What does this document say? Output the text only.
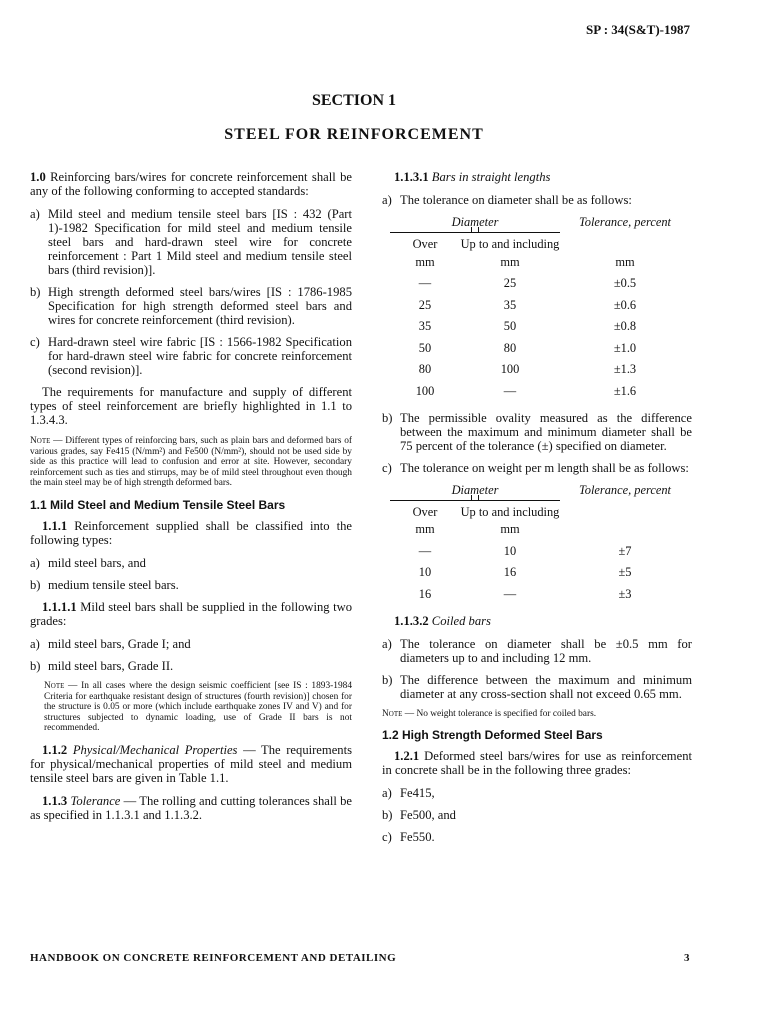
SP : 34(S&T)-1987
SECTION 1
STEEL FOR REINFORCEMENT

1.0 Reinforcing bars/wires for concrete reinforcement shall be any of the following conforming to accepted standards:

a) Mild steel and medium tensile steel bars [IS : 432 (Part 1)-1982 Specification for mild steel and medium tensile steel bars and hard-drawn steel wire for concrete reinforcement : Part 1 Mild steel and medium tensile steel bars (third revision)].
b) High strength deformed steel bars/wires [IS : 1786-1985 Specification for high strength deformed steel bars and wires for concrete reinforcement (third revision).
c) Hard-drawn steel wire fabric [IS : 1566-1982 Specification for hard-drawn steel wire fabric for concrete reinforcement (second revision)].

The requirements for manufacture and supply of different types of steel reinforcement are briefly highlighted in 1.1 to 1.3.4.3.

Note — Different types of reinforcing bars, such as plain bars and deformed bars of various grades, say Fe415 (N/mm²) and Fe500 (N/mm²), should not be used side by side as this practice will lead to confusion and error at site. However, secondary reinforcement such as ties and stirrups, may be of mild steel throughout even though the main steel may be of high strength deformed bars.
1.1 Mild Steel and Medium Tensile Steel Bars

1.1.1 Reinforcement supplied shall be classified into the following types:

a) mild steel bars, and
b) medium tensile steel bars.

1.1.1.1 Mild steel bars shall be supplied in the following two grades:

a) mild steel bars, Grade I; and
b) mild steel bars, Grade II.
Note — In all cases where the design seismic coefficient [see IS : 1893-1984 Criteria for earthquake resistant design of structures (fourth revision)] chosen for the structure is 0.05 or more (which include earthquake zones IV and V) and for structures subjected to dynamic loading, use of Grade II bars is not recommended.

1.1.2 Physical/Mechanical Properties — The requirements for physical/mechanical properties of mild steel and medium tensile steel bars are given in Table 1.1.

1.1.3 Tolerance — The rolling and cutting tolerances shall be as specified in 1.1.3.1 and 1.1.3.2.

1.1.3.1 Bars in straight lengths

a) The tolerance on diameter shall be as follows:
Diameter		Tolerance, percent

Over	Up to and including	
mm	mm	mm
—	25	±0.5
25	35	±0.6
35	50	±0.8
50	80	±1.0
80	100	±1.3
100	—	±1.6
b) The permissible ovality measured as the difference between the maximum and minimum diameter shall be 75 percent of the tolerance (±) specified on diameter.
c) The tolerance on weight per m length shall be as follows:
Diameter		Tolerance, percent

Over	Up to and including	
mm	mm	
—	10	±7
10	16	±5
16	—	±3

1.1.3.2 Coiled bars

a) The tolerance on diameter shall be ±0.5 mm for diameters up to and including 12 mm.
b) The difference between the maximum and minimum diameter at any cross-section shall not exceed 0.65 mm.
Note — No weight tolerance is specified for coiled bars.
1.2 High Strength Deformed Steel Bars

1.2.1 Deformed steel bars/wires for use as reinforcement in concrete shall be in the following three grades:

a) Fe415,
b) Fe500, and
c) Fe550.
HANDBOOK ON CONCRETE REINFORCEMENT AND DETAILING	3
